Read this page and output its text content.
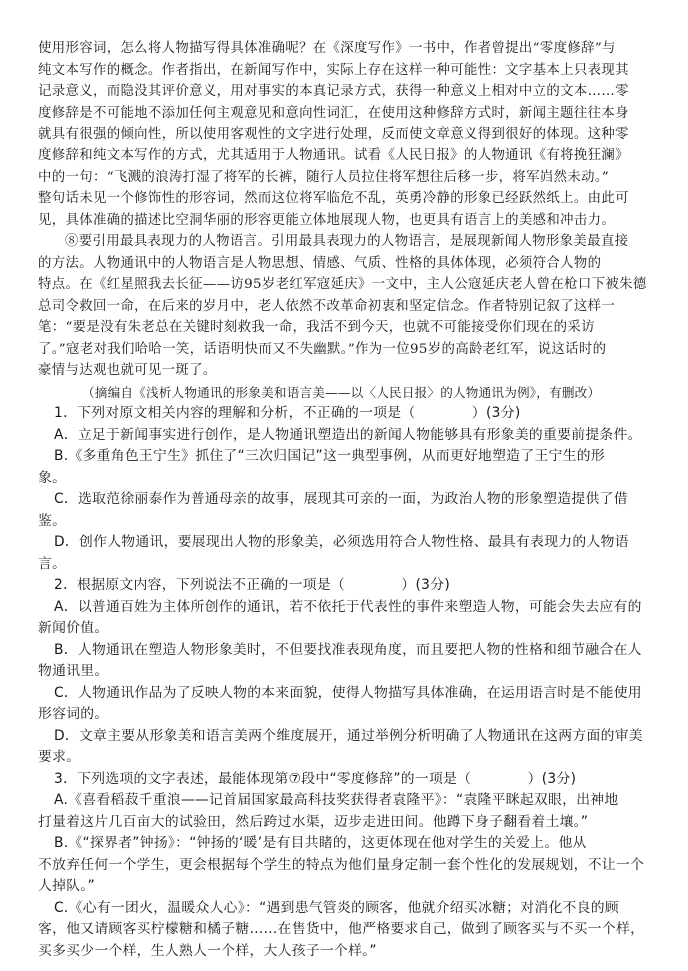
使用形容词，怎么将人物描写得具体准确呢？在《深度写作》一书中，作者曾提出“零度修辞”与
纯文本写作的概念。作者指出，在新闻写作中，实际上存在这样一种可能性：文字基本上只表现其
记录意义，而隐没其评价意义，用对事实的本真记录方式，获得一种意义上相对中立的文本……零
度修辞是不可能地不添加任何主观意见和意向性词汇，在使用这种修辞方式时，新闻主题往往本身
就具有很强的倾向性，所以使用客观性的文字进行处理，反而使文章意义得到很好的体现。这种零
度修辞和纯文本写作的方式，尤其适用于人物通讯。试看《人民日报》的人物通讯《有将挽狂澜》
中的一句：“飞溅的浪涛打湿了将军的长裤，随行人员拉住将军想往后移一步，将军岿然未动。”
整句话未见一个修饰性的形容词，然而这位将军临危不乱，英勇冷静的形象已经跃然纸上。由此可
见，具体准确的描述比空洞华丽的形容更能立体地展现人物，也更具有语言上的美感和冲击力。
⑧要引用最具表现力的人物语言。引用最具表现力的人物语言，是展现新闻人物形象美最直接
的方法。人物通讯中的人物语言是人物思想、情感、气质、性格的具体体现，必须符合人物的
特点。在《红星照我去长征——访95岁老红军寇延庆》一文中，主人公寇延庆老人曾在枪口下被朱德
总司令救回一命，在后来的岁月中，老人依然不改革命初衷和坚定信念。作者特别记叙了这样一
笔：“要是没有朱老总在关键时刻救我一命，我活不到今天，也就不可能接受你们现在的采访
了。”寇老对我们哈哈一笑，话语明快而又不失幽默。”作为一位95岁的高龄老红军，说这话时的
豪情与达观也就可见一斑了。
（摘编自《浅析人物通讯的形象美和语言美——以〈人民日报〉的人物通讯为例》，有删改）
1．下列对原文相关内容的理解和分析，不正确的一项是（　　　　）(3分)
A．立足于新闻事实进行创作，是人物通讯塑造出的新闻人物能够具有形象美的重要前提条件。
B.《多重角色王宁生》抓住了“三次归国记”这一典型事例，从而更好地塑造了王宁生的形
象。
C．选取范徐丽泰作为普通母亲的故事，展现其可亲的一面，为政治人物的形象塑造提供了借
鉴。
D．创作人物通讯，要展现出人物的形象美，必须选用符合人物性格、最具有表现力的人物语
言。
2．根据原文内容，下列说法不正确的一项是（　　　　）(3分)
A．以普通百姓为主体所创作的通讯，若不依托于代表性的事件来塑造人物，可能会失去应有的
新闻价值。
B．人物通讯在塑造人物形象美时，不但要找准表现角度，而且要把人物的性格和细节融合在人
物通讯里。
C．人物通讯作品为了反映人物的本来面貌，使得人物描写具体准确，在运用语言时是不能使用
形容词的。
D．文章主要从形象美和语言美两个维度展开，通过举例分析明确了人物通讯在这两方面的审美
要求。
3．下列选项的文字表述，最能体现第⑦段中“零度修辞”的一项是（　　　　）(3分)
A.《喜看稻菽千重浪——记首届国家最高科技奖获得者袁隆平》：“袁隆平眯起双眼，出神地
打量着这片几百亩大的试验田，然后跨过水渠，迈步走进田间。他蹲下身子翻看着土壤。”
B.《“探界者”钟扬》：“钟扬的‘暖’是有目共睹的，这更体现在他对学生的关爱上。他从
不放弃任何一个学生，更会根据每个学生的特点为他们量身定制一套个性化的发展规划，不让一个
人掉队。”
C.《心有一团火，温暖众人心》：“遇到患气管炎的顾客，他就介绍买冰糖；对消化不良的顾
客，他又请顾客买柠檬糖和橘子糖……在售货中，他严格要求自己，做到了顾客买与不买一个样，
买多买少一个样，生人熟人一个样，大人孩子一个样。”
